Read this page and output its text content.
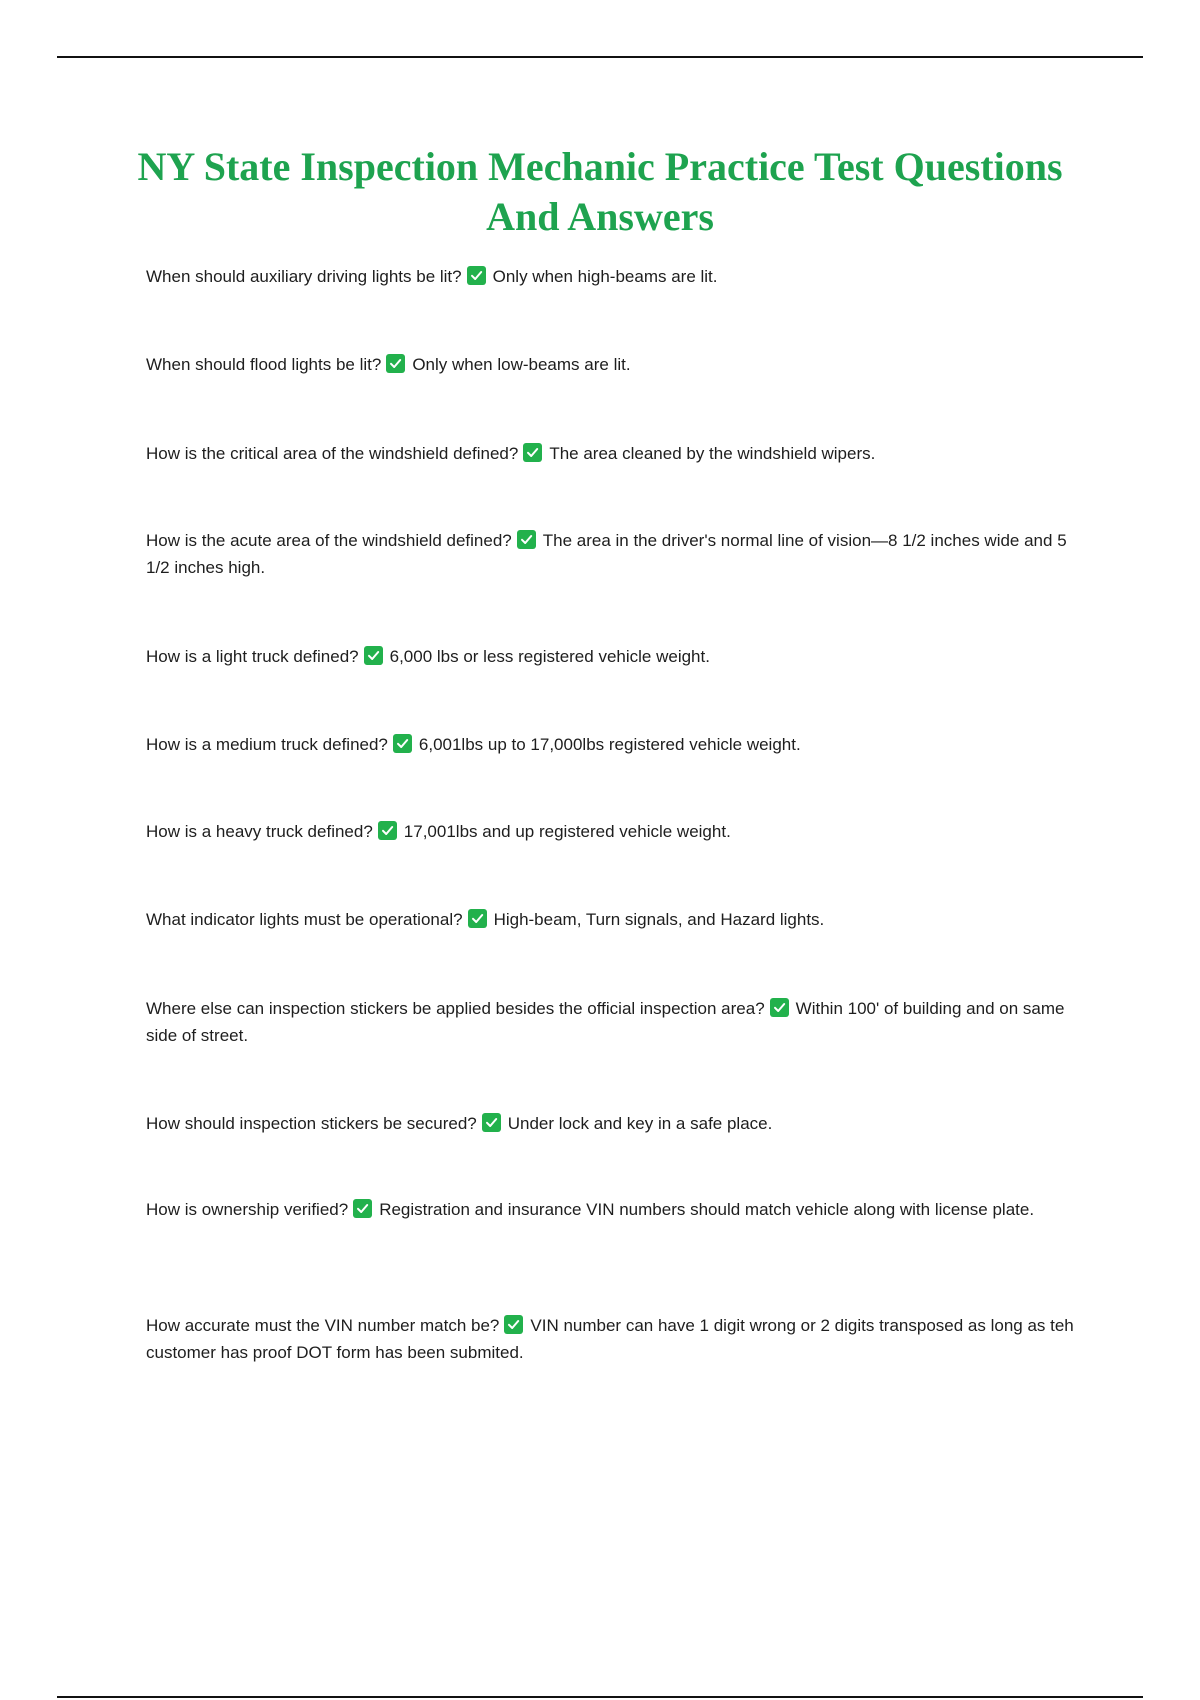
NY State Inspection Mechanic Practice Test Questions And Answers
When should auxiliary driving lights be lit? Only when high-beams are lit.
When should flood lights be lit? Only when low-beams are lit.
How is the critical area of the windshield defined? The area cleaned by the windshield wipers.
How is the acute area of the windshield defined? The area in the driver's normal line of vision—8 1/2 inches wide and 5 1/2 inches high.
How is a light truck defined? 6,000 lbs or less registered vehicle weight.
How is a medium truck defined? 6,001lbs up to 17,000lbs registered vehicle weight.
How is a heavy truck defined? 17,001lbs and up registered vehicle weight.
What indicator lights must be operational? High-beam, Turn signals, and Hazard lights.
Where else can inspection stickers be applied besides the official inspection area? Within 100' of building and on same side of street.
How should inspection stickers be secured? Under lock and key in a safe place.
How is ownership verified? Registration and insurance VIN numbers should match vehicle along with license plate.
How accurate must the VIN number match be? VIN number can have 1 digit wrong or 2 digits transposed as long as teh customer has proof DOT form has been submited.
